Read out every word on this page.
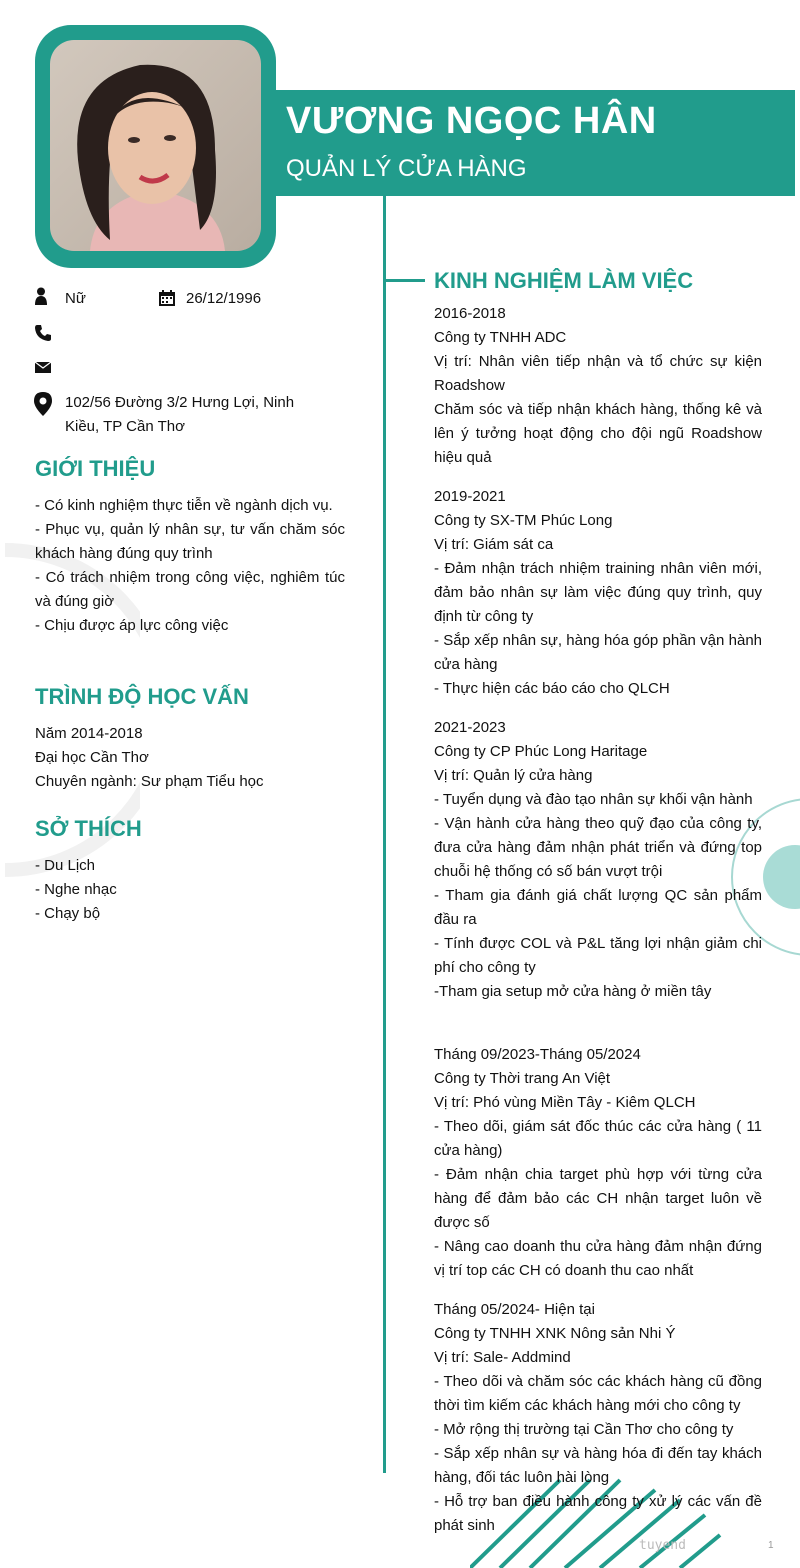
VƯƠNG NGỌC HÂN
QUẢN LÝ CỬA HÀNG
Nữ	26/12/1996
102/56 Đường 3/2 Hưng Lợi, Ninh Kiều, TP Cần Thơ
GIỚI THIỆU
- Có kinh nghiệm thực tiễn về ngành dịch vụ.
- Phục vụ, quản lý nhân sự, tư vấn chăm sóc khách hàng đúng quy trình
- Có trách nhiệm trong công việc, nghiêm túc và đúng giờ
- Chịu được áp lực công việc
TRÌNH ĐỘ HỌC VẤN
Năm 2014-2018
Đại học Cần Thơ
Chuyên ngành: Sư phạm Tiểu học
SỞ THÍCH
- Du Lịch
- Nghe nhạc
- Chạy bộ
KINH NGHIỆM LÀM VIỆC
2016-2018
Công ty TNHH ADC
Vị trí: Nhân viên tiếp nhận và tổ chức sự kiện Roadshow
Chăm sóc và tiếp nhận khách hàng, thống kê và lên ý tưởng hoạt động cho đội ngũ Roadshow hiệu quả
2019-2021
Công ty SX-TM Phúc Long
Vị trí: Giám sát ca
- Đảm nhận trách nhiệm training nhân viên mới, đảm bảo nhân sự làm việc đúng quy trình, quy định từ công ty
- Sắp xếp nhân sự, hàng hóa góp phần vận hành cửa hàng
- Thực hiện các báo cáo cho QLCH
2021-2023
Công ty CP Phúc Long Haritage
Vị trí: Quản lý cửa hàng
- Tuyển dụng và đào tạo nhân sự khối vận hành
- Vận hành cửa hàng theo quỹ đạo của công ty, đưa cửa hàng đảm nhận phát triển và đứng top chuỗi hệ thống có số bán vượt trội
- Tham gia đánh giá chất lượng QC sản phẩm đầu ra
- Tính được COL và P&L tăng lợi nhận giảm chi phí cho công ty
-Tham gia setup mở cửa hàng ở miền tây
Tháng 09/2023-Tháng 05/2024
Công ty Thời trang An Việt
Vị trí: Phó vùng Miền Tây - Kiêm QLCH
- Theo dõi, giám sát đốc thúc các cửa hàng ( 11 cửa hàng)
- Đảm nhận chia target phù hợp với từng cửa hàng để đảm bảo các CH nhận target luôn về được số
- Nâng cao doanh thu cửa hàng đảm nhận đứng vị trí top các CH có doanh thu cao nhất
Tháng 05/2024- Hiện tại
Công ty TNHH XNK Nông sản Nhi Ý
Vị trí: Sale- Addmind
- Theo dõi và chăm sóc các khách hàng cũ đồng thời tìm kiếm các khách hàng mới cho công ty
- Mở rộng thị trường tại Cần Thơ cho công ty
- Sắp xếp nhân sự và hàng hóa đi đến tay khách hàng, đối tác luôn hài lòng
- Hỗ trợ ban điều hành công ty xử lý các vấn đề phát sinh
tuyend	1
